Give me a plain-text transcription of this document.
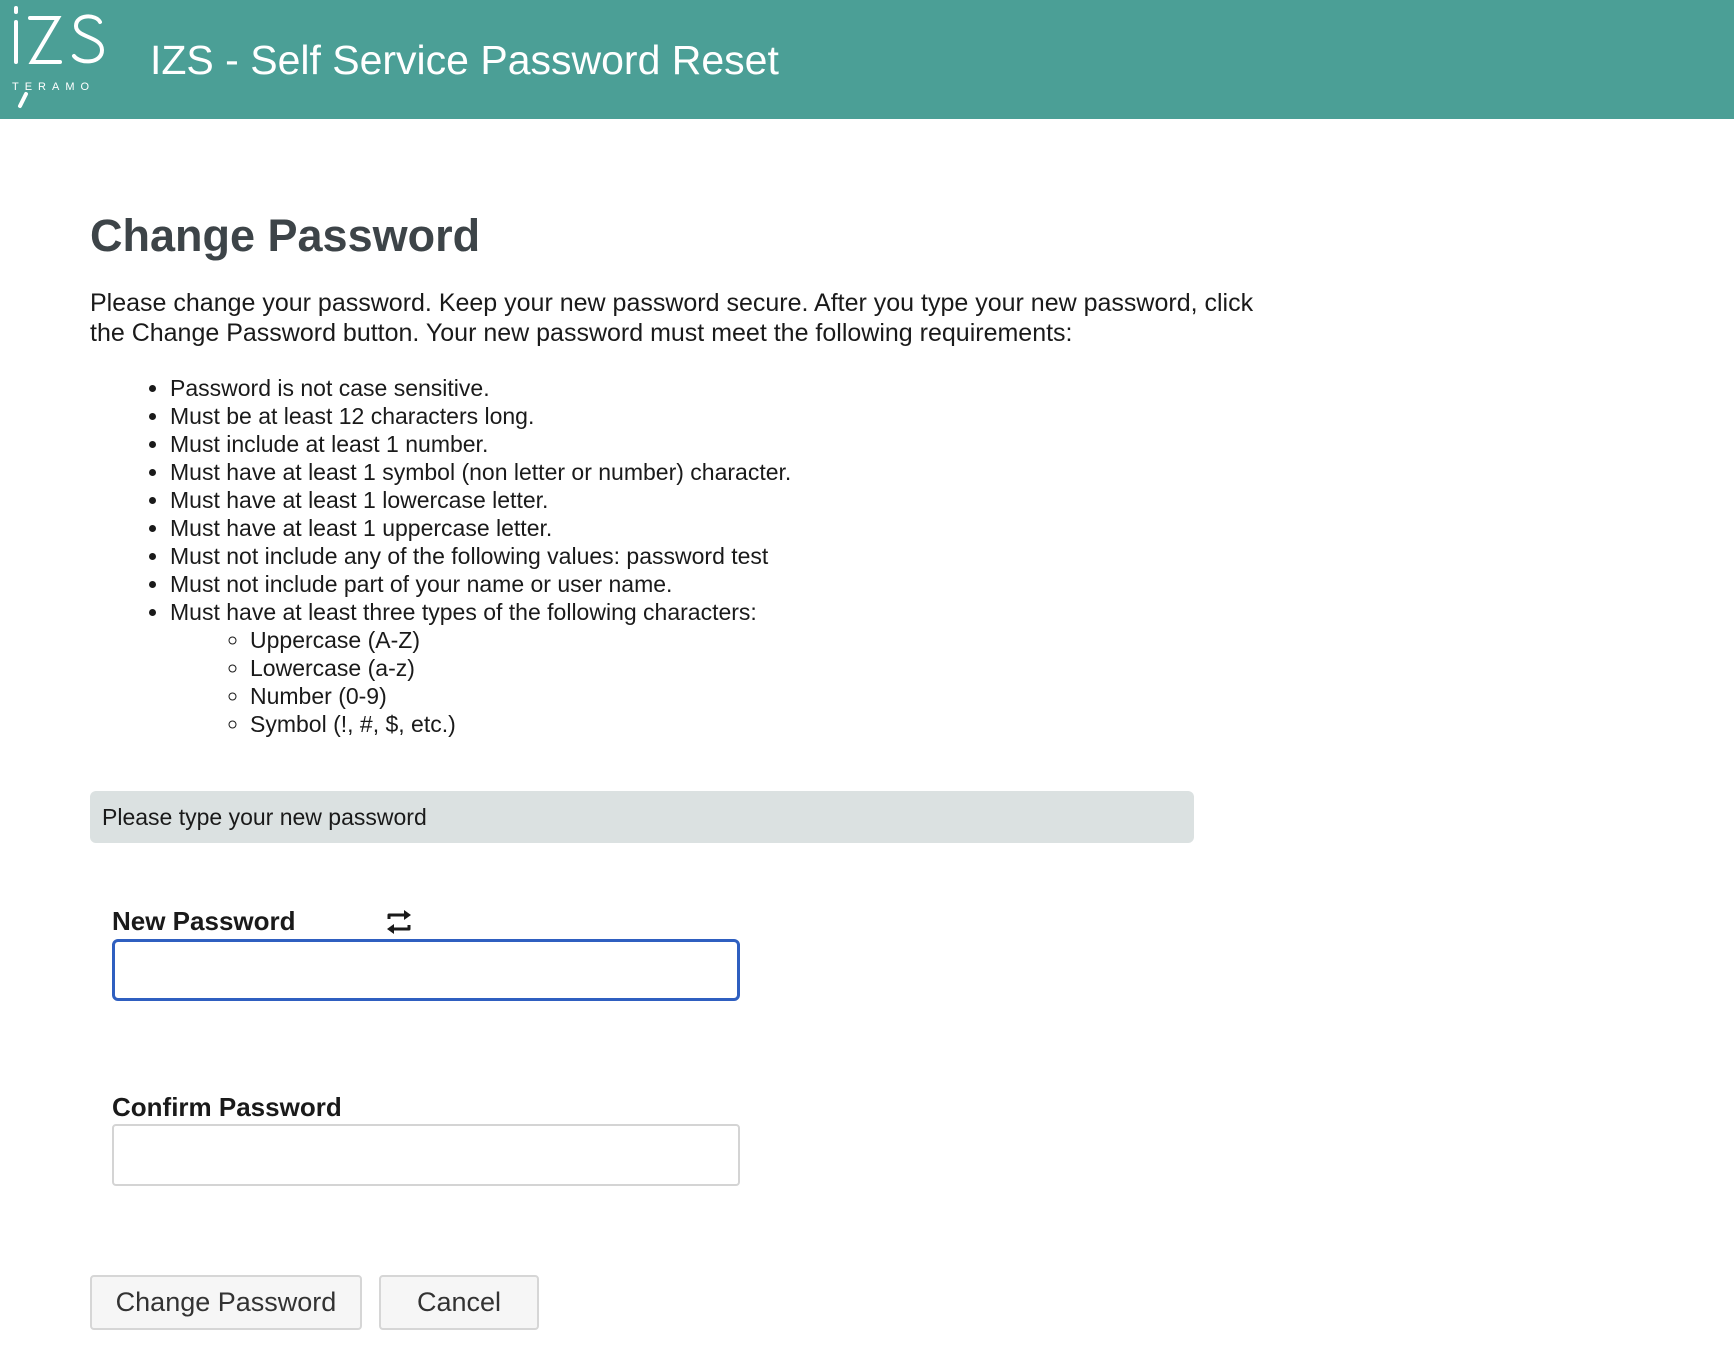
TERAMO
IZS - Self Service Password Reset
Change Password

Please change your password. Keep your new password secure. After you type your new password, click the Change Password button. Your new password must meet the following requirements:

• Password is not case sensitive.
• Must be at least 12 characters long.
• Must include at least 1 number.
• Must have at least 1 symbol (non letter or number) character.
• Must have at least 1 lowercase letter.
• Must have at least 1 uppercase letter.
• Must not include any of the following values: password test
• Must not include part of your name or user name.
• Must have at least three types of the following characters:
◦ Uppercase (A-Z)
◦ Lowercase (a-z)
◦ Number (0-9)
◦ Symbol (!, #, $, etc.)
Please type your new password
New Password
Confirm Password
Change Password	Cancel
